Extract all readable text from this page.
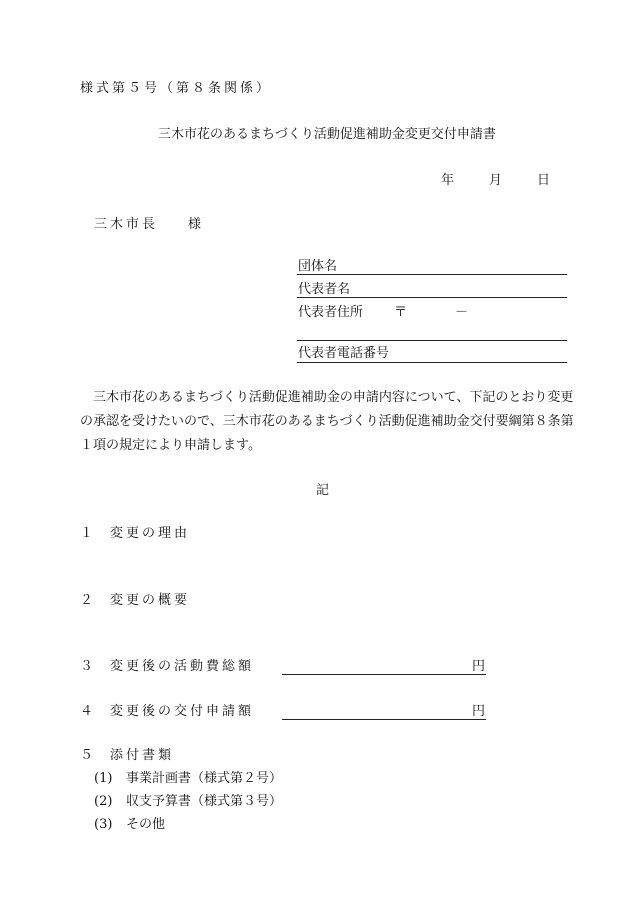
様式第５号（第８条関係）
三木市花のあるまちづくり活動促進補助金変更交付申請書
年	月	日
三木市長 様
団体名
代表者名
代表者住所 〒	－
代表者電話番号
三木市花のあるまちづくり活動促進補助金の申請内容について、下記のとおり変更の承認を受けたいので、三木市花のあるまちづくり活動促進補助金交付要綱第８条第１項の規定により申請します。
記
１ 変更の理由
２ 変更の概要
３ 変更後の活動費総額	円
４ 変更後の交付申請額	円
５ 添付書類
(1) 事業計画書（様式第２号）
(2) 収支予算書（様式第３号）
(3) その他
